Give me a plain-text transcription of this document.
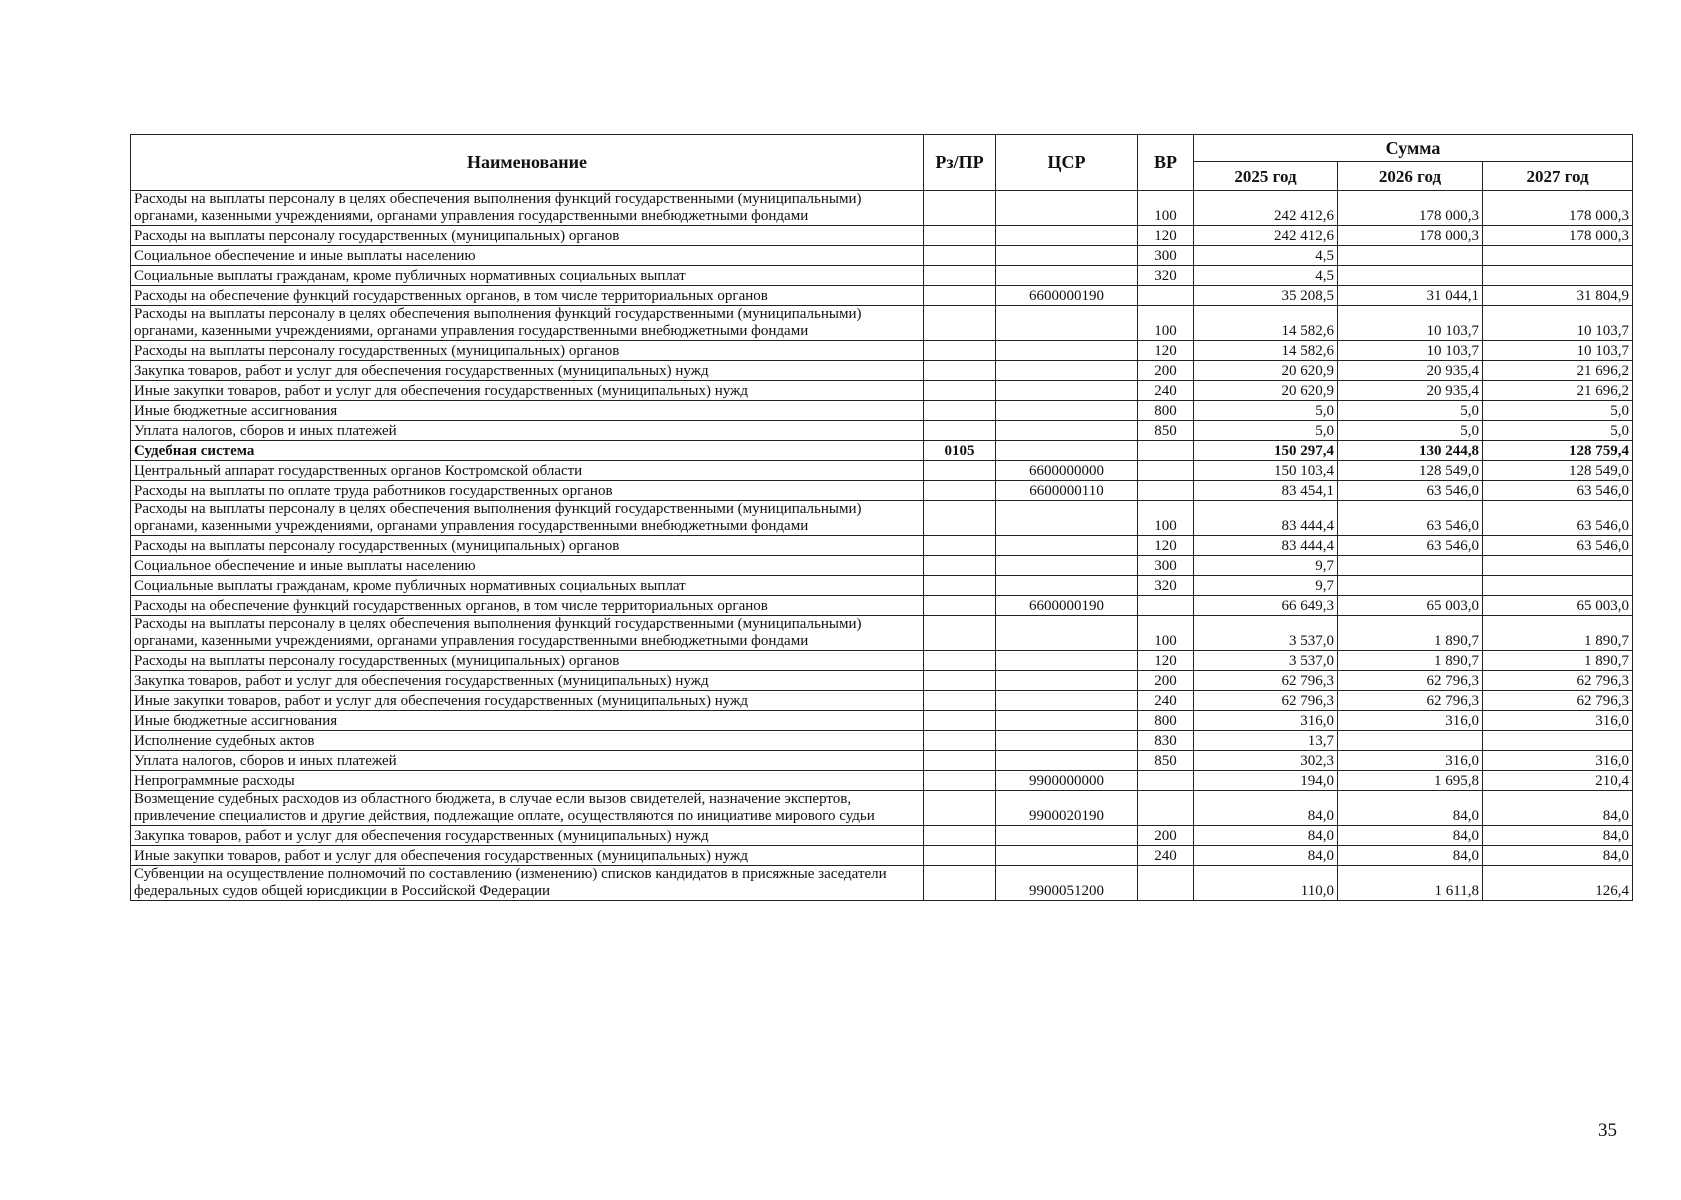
Наименование	Рз/ПР	ЦСР	ВР	Сумма		
				2025 год	2026 год	2027 год
Расходы на выплаты персоналу в целях обеспечения выполнения функций государственными (муниципальными) органами, казенными учреждениями, органами управления государственными внебюджетными фондами			100	242 412,6	178 000,3	178 000,3
Расходы на выплаты персоналу государственных (муниципальных) органов			120	242 412,6	178 000,3	178 000,3
Социальное обеспечение и иные выплаты населению			300	4,5		
Социальные выплаты гражданам, кроме публичных нормативных социальных выплат			320	4,5		
Расходы на обеспечение функций государственных органов, в том числе территориальных органов		6600000190		35 208,5	31 044,1	31 804,9
Расходы на выплаты персоналу в целях обеспечения выполнения функций государственными (муниципальными) органами, казенными учреждениями, органами управления государственными внебюджетными фондами			100	14 582,6	10 103,7	10 103,7
Расходы на выплаты персоналу государственных (муниципальных) органов			120	14 582,6	10 103,7	10 103,7
Закупка товаров, работ и услуг для обеспечения государственных (муниципальных) нужд			200	20 620,9	20 935,4	21 696,2
Иные закупки товаров, работ и услуг для обеспечения государственных (муниципальных) нужд			240	20 620,9	20 935,4	21 696,2
Иные бюджетные ассигнования			800	5,0	5,0	5,0
Уплата налогов, сборов и иных платежей			850	5,0	5,0	5,0
Судебная система	0105			150 297,4	130 244,8	128 759,4
Центральный аппарат государственных органов Костромской области		6600000000		150 103,4	128 549,0	128 549,0
Расходы на выплаты по оплате труда работников государственных органов		6600000110		83 454,1	63 546,0	63 546,0
Расходы на выплаты персоналу в целях обеспечения выполнения функций государственными (муниципальными) органами, казенными учреждениями, органами управления государственными внебюджетными фондами			100	83 444,4	63 546,0	63 546,0
Расходы на выплаты персоналу государственных (муниципальных) органов			120	83 444,4	63 546,0	63 546,0
Социальное обеспечение и иные выплаты населению			300	9,7		
Социальные выплаты гражданам, кроме публичных нормативных социальных выплат			320	9,7		
Расходы на обеспечение функций государственных органов, в том числе территориальных органов		6600000190		66 649,3	65 003,0	65 003,0
Расходы на выплаты персоналу в целях обеспечения выполнения функций государственными (муниципальными) органами, казенными учреждениями, органами управления государственными внебюджетными фондами			100	3 537,0	1 890,7	1 890,7
Расходы на выплаты персоналу государственных (муниципальных) органов			120	3 537,0	1 890,7	1 890,7
Закупка товаров, работ и услуг для обеспечения государственных (муниципальных) нужд			200	62 796,3	62 796,3	62 796,3
Иные закупки товаров, работ и услуг для обеспечения государственных (муниципальных) нужд			240	62 796,3	62 796,3	62 796,3
Иные бюджетные ассигнования			800	316,0	316,0	316,0
Исполнение судебных актов			830	13,7		
Уплата налогов, сборов и иных платежей			850	302,3	316,0	316,0
Непрограммные расходы		9900000000		194,0	1 695,8	210,4
Возмещение судебных расходов из областного бюджета, в случае если вызов свидетелей, назначение экспертов, привлечение специалистов и другие действия, подлежащие оплате, осуществляются по инициативе мирового судьи		9900020190		84,0	84,0	84,0
Закупка товаров, работ и услуг для обеспечения государственных (муниципальных) нужд			200	84,0	84,0	84,0
Иные закупки товаров, работ и услуг для обеспечения государственных (муниципальных) нужд			240	84,0	84,0	84,0
Субвенции на осуществление полномочий по составлению (изменению) списков кандидатов в присяжные заседатели федеральных судов общей юрисдикции в Российской Федерации		9900051200		110,0	1 611,8	126,4
35
